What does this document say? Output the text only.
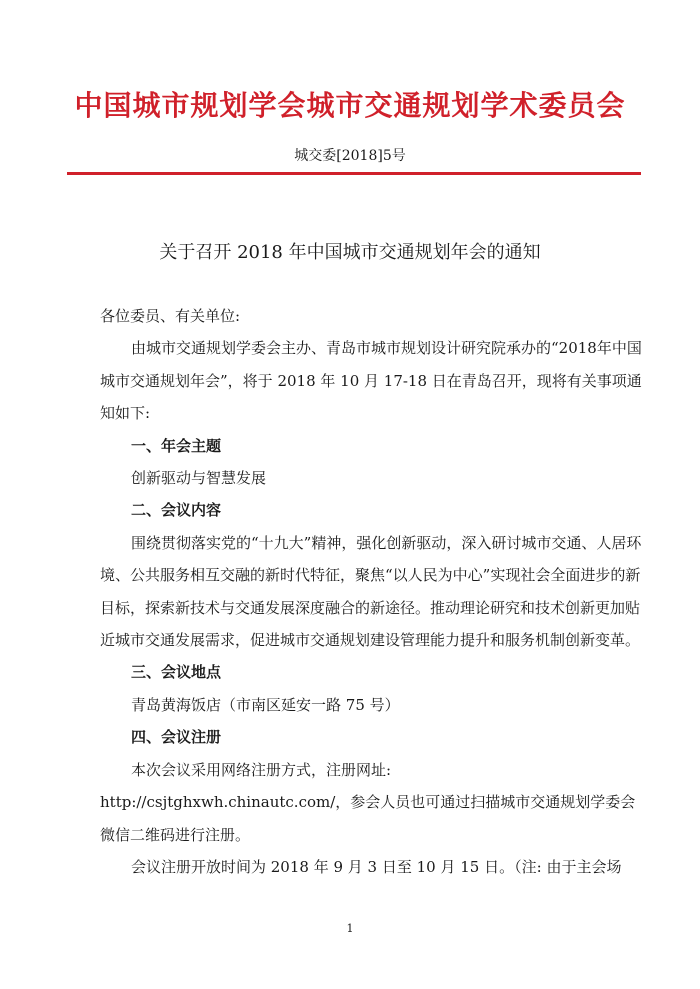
中国城市规划学会城市交通规划学术委员会
城交委[2018]5号
关于召开 2018 年中国城市交通规划年会的通知

各位委员、有关单位:

由城市交通规划学委会主办、青岛市城市规划设计研究院承办的“2018年中国城市交通规划年会”，将于 2018 年 10 月 17-18 日在青岛召开，现将有关事项通知如下:

一、年会主题

创新驱动与智慧发展

二、会议内容

围绕贯彻落实党的“十九大”精神，强化创新驱动，深入研讨城市交通、人居环境、公共服务相互交融的新时代特征，聚焦“以人民为中心”实现社会全面进步的新目标，探索新技术与交通发展深度融合的新途径。推动理论研究和技术创新更加贴近城市交通发展需求，促进城市交通规划建设管理能力提升和服务机制创新变革。

三、会议地点

青岛黄海饭店（市南区延安一路 75 号）

四、会议注册

本次会议采用网络注册方式，注册网址: http://csjtghxwh.chinautc.com/，参会人员也可通过扫描城市交通规划学委会微信二维码进行注册。

会议注册开放时间为 2018 年 9 月 3 日至 10 月 15 日。（注: 由于主会场

1
